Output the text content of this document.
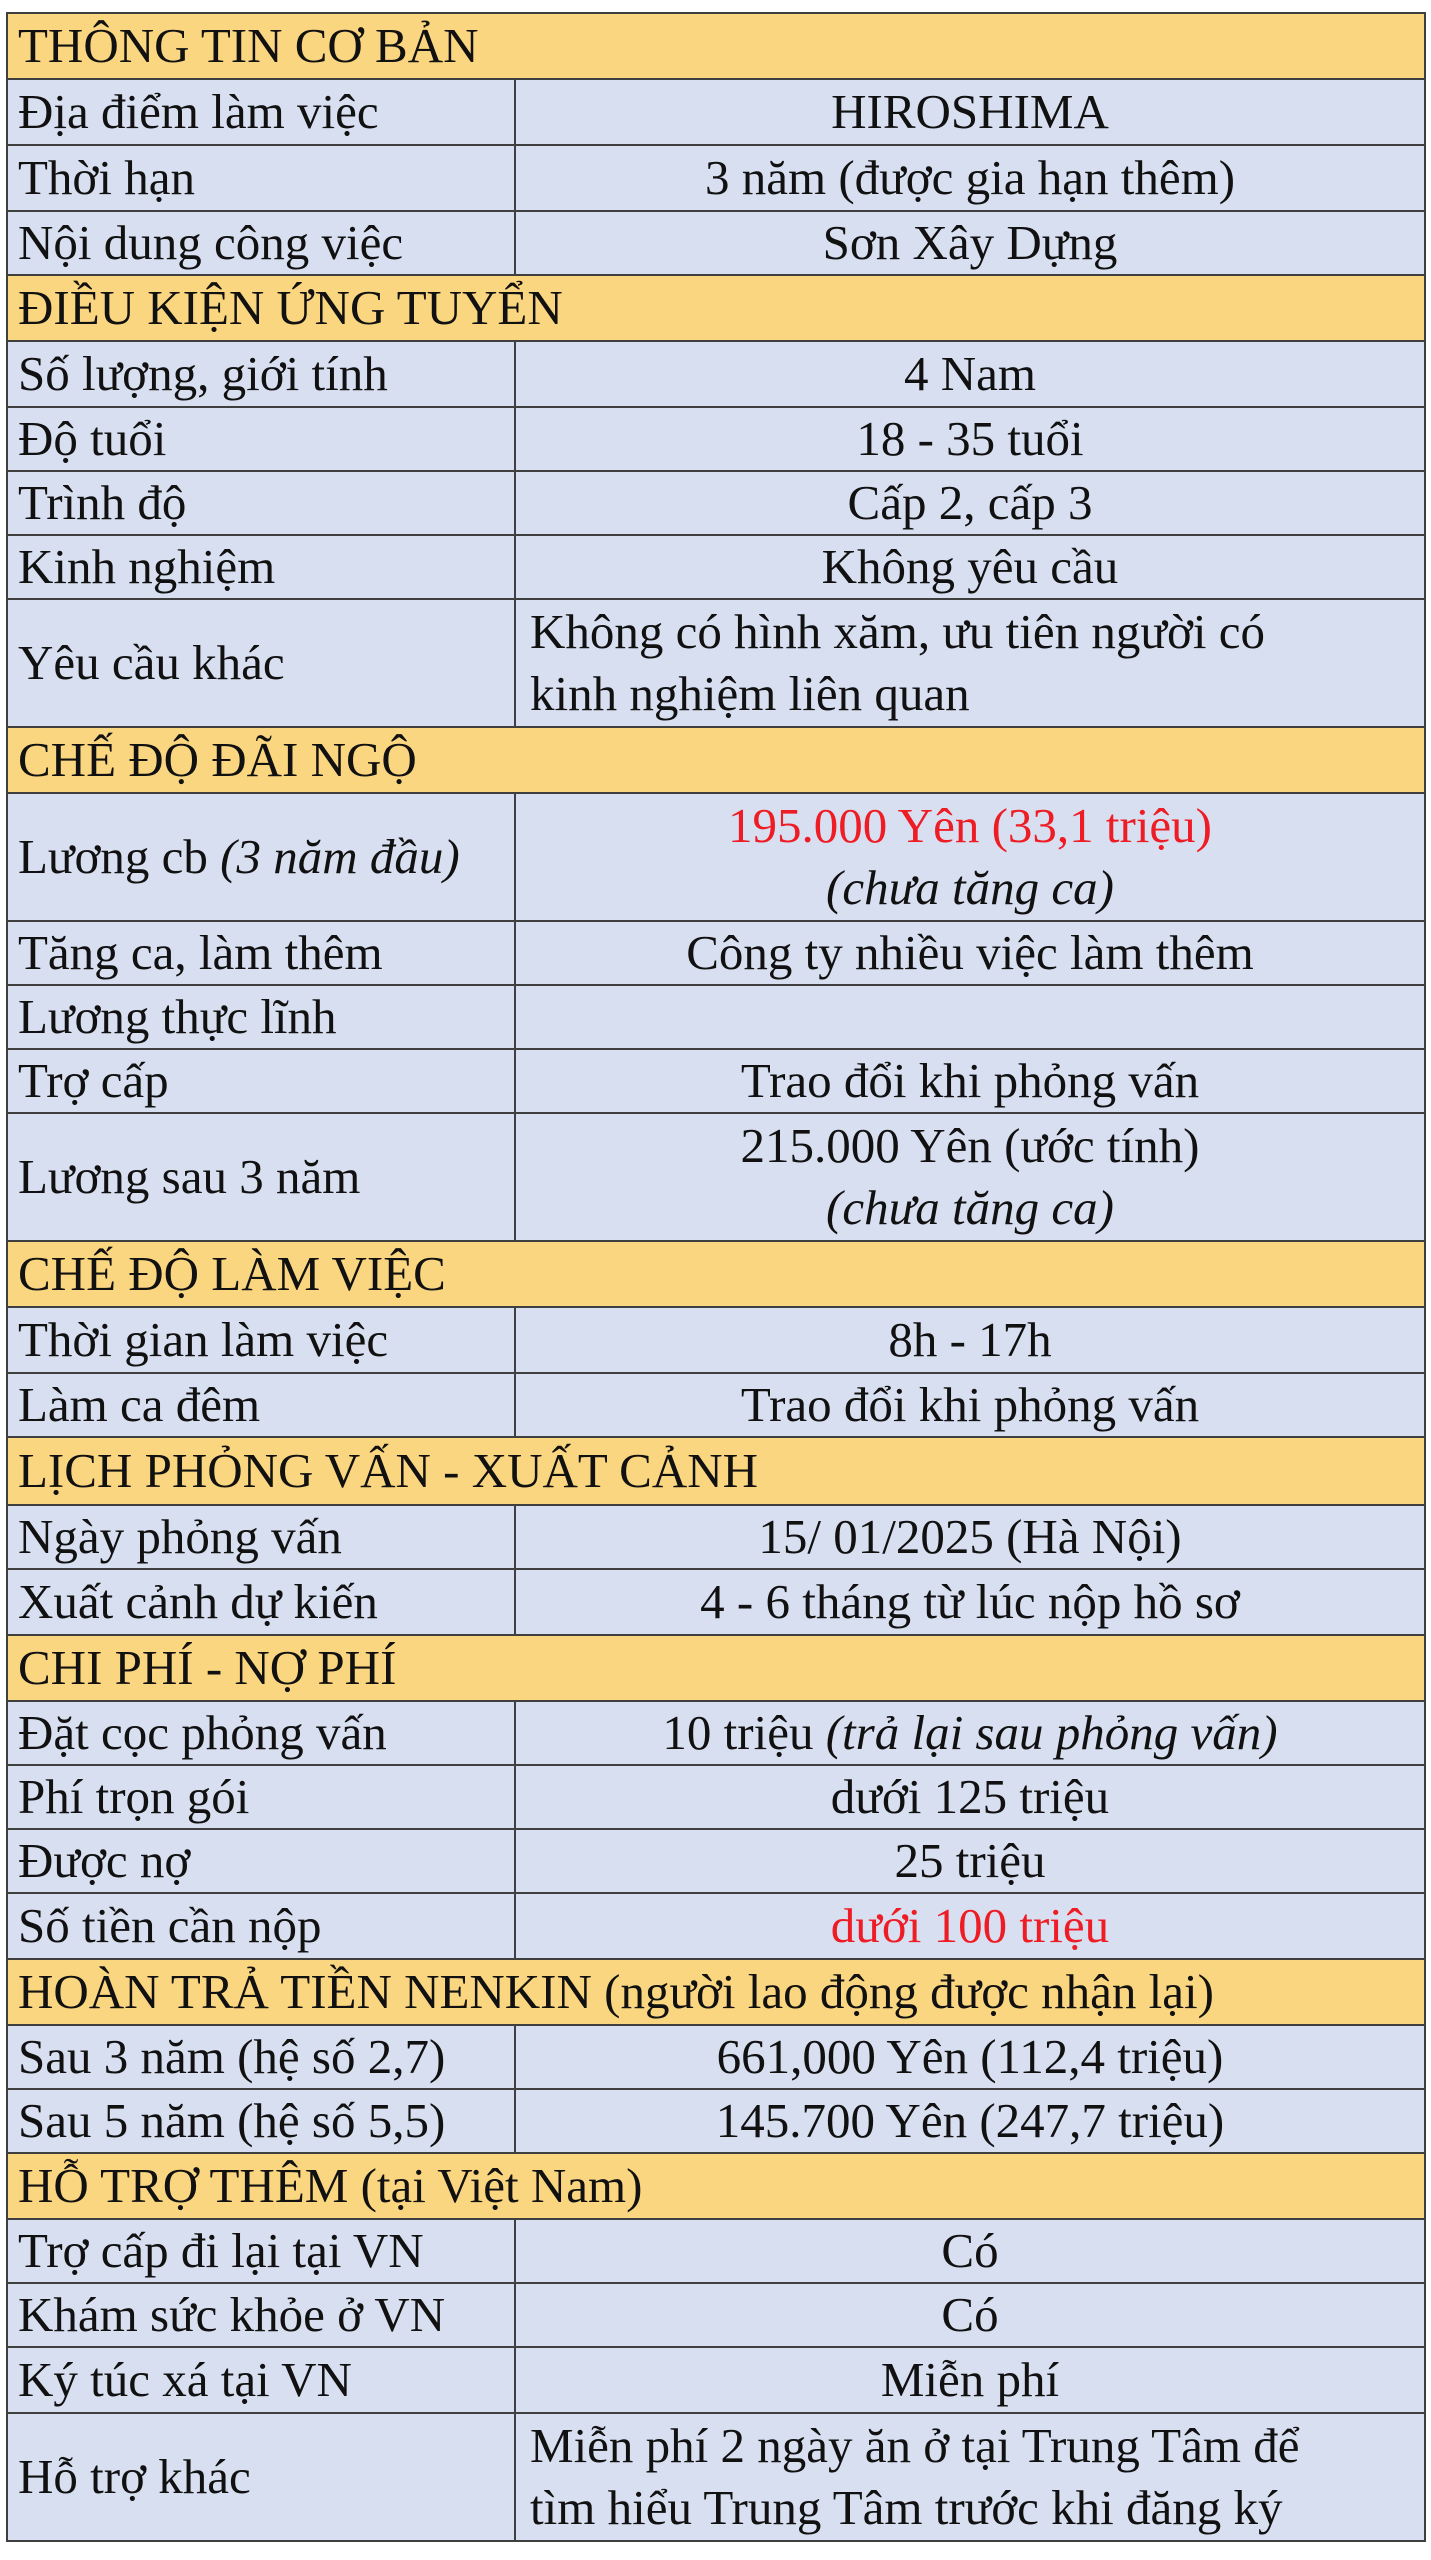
THÔNG TIN CƠ BẢN	
Địa điểm làm việc	HIROSHIMA
Thời hạn	3 năm (được gia hạn thêm)
Nội dung công việc	Sơn Xây Dựng
ĐIỀU KIỆN ỨNG TUYỂN	
Số lượng, giới tính	4 Nam
Độ tuổi	18 - 35 tuổi
Trình độ	Cấp 2, cấp 3
Kinh nghiệm	Không yêu cầu
Yêu cầu khác	Không có hình xăm, ưu tiên người có
kinh nghiệm liên quan

CHẾ ĐỘ ĐÃI NGỘ	
Lương cb (3 năm đầu)	195.000 Yên (33,1 triệu)
(chưa tăng ca)

Tăng ca, làm thêm	Công ty nhiều việc làm thêm
Lương thực lĩnh	
Trợ cấp	Trao đổi khi phỏng vấn
Lương sau 3 năm	215.000 Yên (ước tính)
(chưa tăng ca)

CHẾ ĐỘ LÀM VIỆC	
Thời gian làm việc	8h - 17h
Làm ca đêm	Trao đổi khi phỏng vấn
LỊCH PHỎNG VẤN - XUẤT CẢNH	
Ngày phỏng vấn	15/ 01/2025 (Hà Nội)
Xuất cảnh dự kiến	4 - 6 tháng từ lúc nộp hồ sơ
CHI PHÍ - NỢ PHÍ	
Đặt cọc phỏng vấn	10 triệu (trả lại sau phỏng vấn)
Phí trọn gói	dưới 125 triệu
Được nợ	25 triệu
Số tiền cần nộp	dưới 100 triệu
HOÀN TRẢ TIỀN NENKIN (người lao động được nhận lại)	
Sau 3 năm (hệ số 2,7)	661,000 Yên (112,4 triệu)
Sau 5 năm (hệ số 5,5)	145.700 Yên (247,7 triệu)
HỖ TRỢ THÊM (tại Việt Nam)	
Trợ cấp đi lại tại VN	Có
Khám sức khỏe ở VN	Có
Ký túc xá tại VN	Miễn phí
Hỗ trợ khác	Miễn phí 2 ngày ăn ở tại Trung Tâm để
tìm hiểu Trung Tâm trước khi đăng ký
